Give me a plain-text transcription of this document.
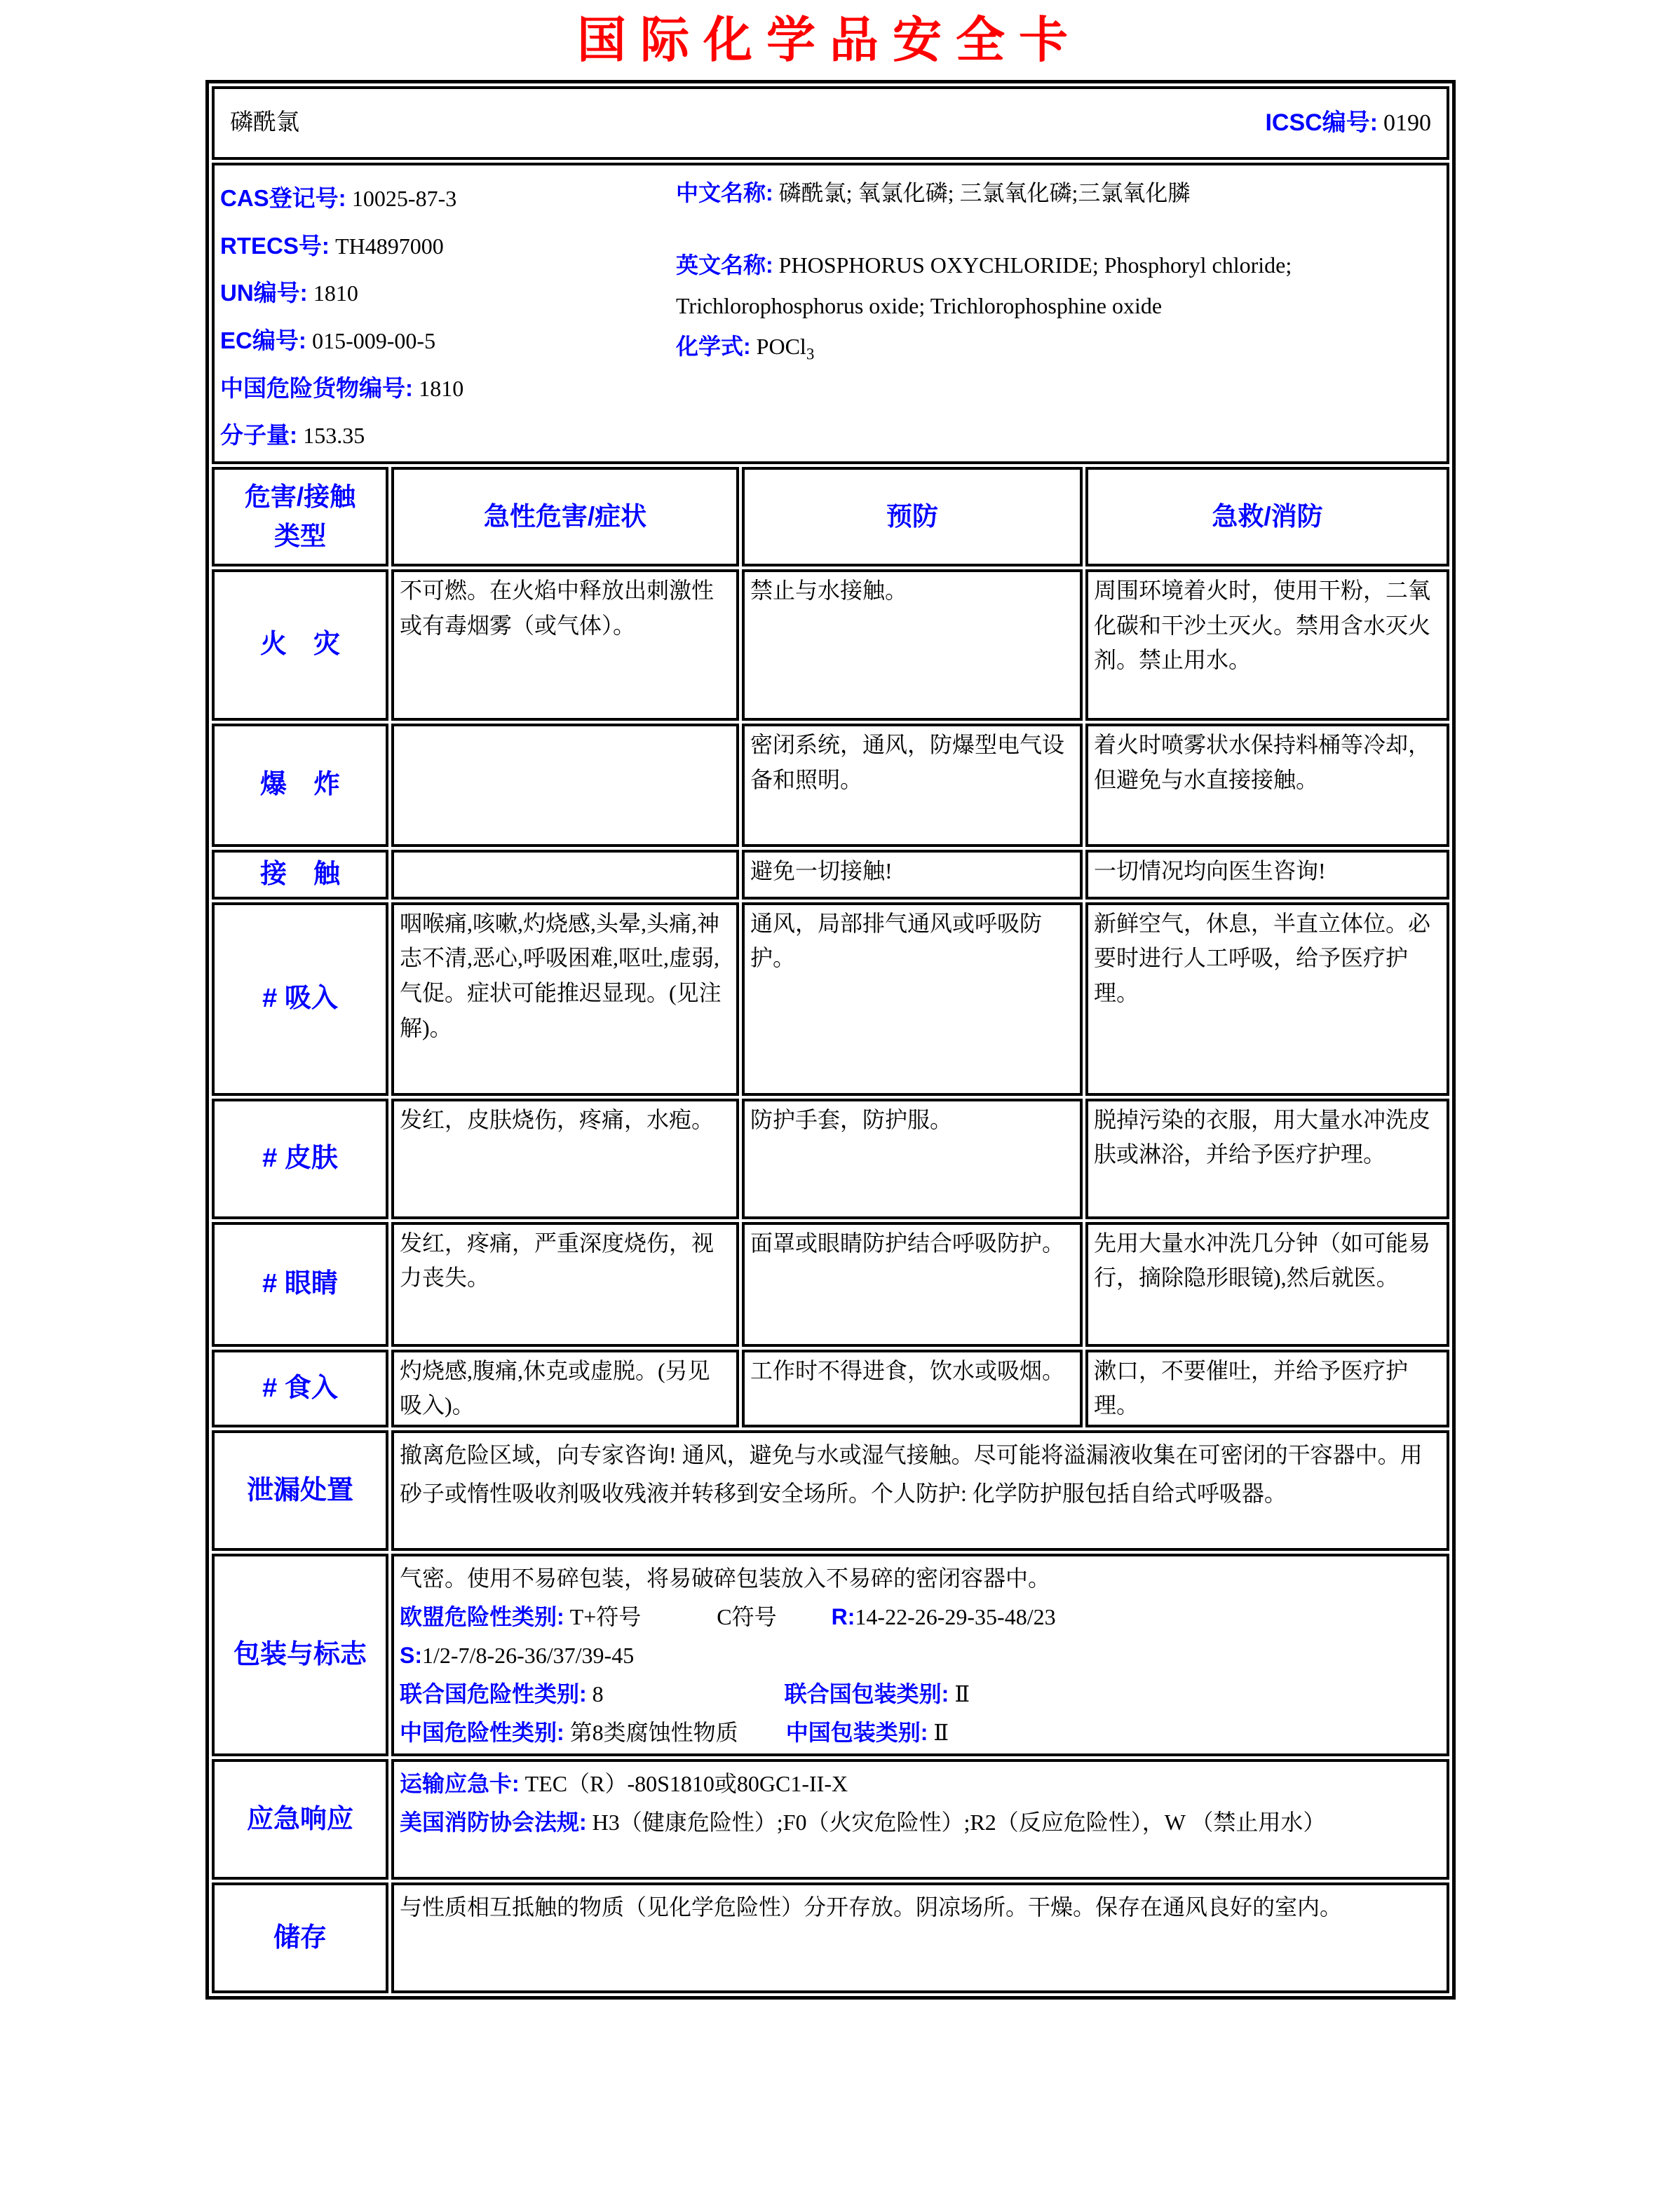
国际化学品安全卡
磷酰氯 ICSC编号: 0190			

CAS登记号: 10025-87-3
RTECS号: TH4897000
UN编号: 1810
EC编号: 015-009-00-5
中国危险货物编号: 1810
分子量: 153.35
中文名称: 磷酰氯; 氧氯化磷; 三氯氧化磷;三氯氧化膦
英文名称: PHOSPHORUS OXYCHLORIDE; Phosphoryl chloride; Trichlorophosphorus oxide; Trichlorophosphine oxide
化学式: POCl$_3$

危害/接触
类型	急性危害/症状	预防	急救/消防
火　灾	不可燃。在火焰中释放出刺激性或有毒烟雾（或气体）。	禁止与水接触。	周围环境着火时，使用干粉，二氧化碳和干沙土灭火。禁用含水灭火剂。禁止用水。
爆　炸		密闭系统，通风，防爆型电气设备和照明。	着火时喷雾状水保持料桶等冷却，但避免与水直接接触。
接　触		避免一切接触!	一切情况均向医生咨询!
# 吸入	咽喉痛,咳嗽,灼烧感,头晕,头痛,神志不清,恶心,呼吸困难,呕吐,虚弱,气促。症状可能推迟显现。(见注解)。	通风，局部排气通风或呼吸防护。	新鲜空气，休息，半直立体位。必要时进行人工呼吸，给予医疗护理。
# 皮肤	发红，皮肤烧伤，疼痛，水疱。	防护手套，防护服。	脱掉污染的衣服，用大量水冲洗皮肤或淋浴，并给予医疗护理。
# 眼睛	发红，疼痛，严重深度烧伤，视力丧失。	面罩或眼睛防护结合呼吸防护。	先用大量水冲洗几分钟（如可能易行，摘除隐形眼镜),然后就医。
# 食入	灼烧感,腹痛,休克或虚脱。(另见吸入)。	工作时不得进食，饮水或吸烟。	漱口，不要催吐，并给予医疗护理。
泄漏处置	撤离危险区域，向专家咨询! 通风，避免与水或湿气接触。尽可能将溢漏液收集在可密闭的干容器中。用砂子或惰性吸收剂吸收残液并转移到安全场所。个人防护: 化学防护服包括自给式呼吸器。		
包装与标志	气密。使用不易碎包装，将易破碎包装放入不易碎的密闭容器中。
欧盟危险性类别: T+符号 C符号 R:14-22-26-29-35-48/23
S:1/2-7/8-26-36/37/39-45
联合国危险性类别: 8 联合国包装类别: Ⅱ
中国危险性类别: 第8类腐蚀性物质 中国包装类别: Ⅱ		

应急响应	运输应急卡: TEC（R）-80S1810或80GC1-II-X
美国消防协会法规: H3（健康危险性）;F0（火灾危险性）;R2（反应危险性），W （禁止用水）		

储存	与性质相互抵触的物质（见化学危险性）分开存放。阴凉场所。干燥。保存在通风良好的室内。		
